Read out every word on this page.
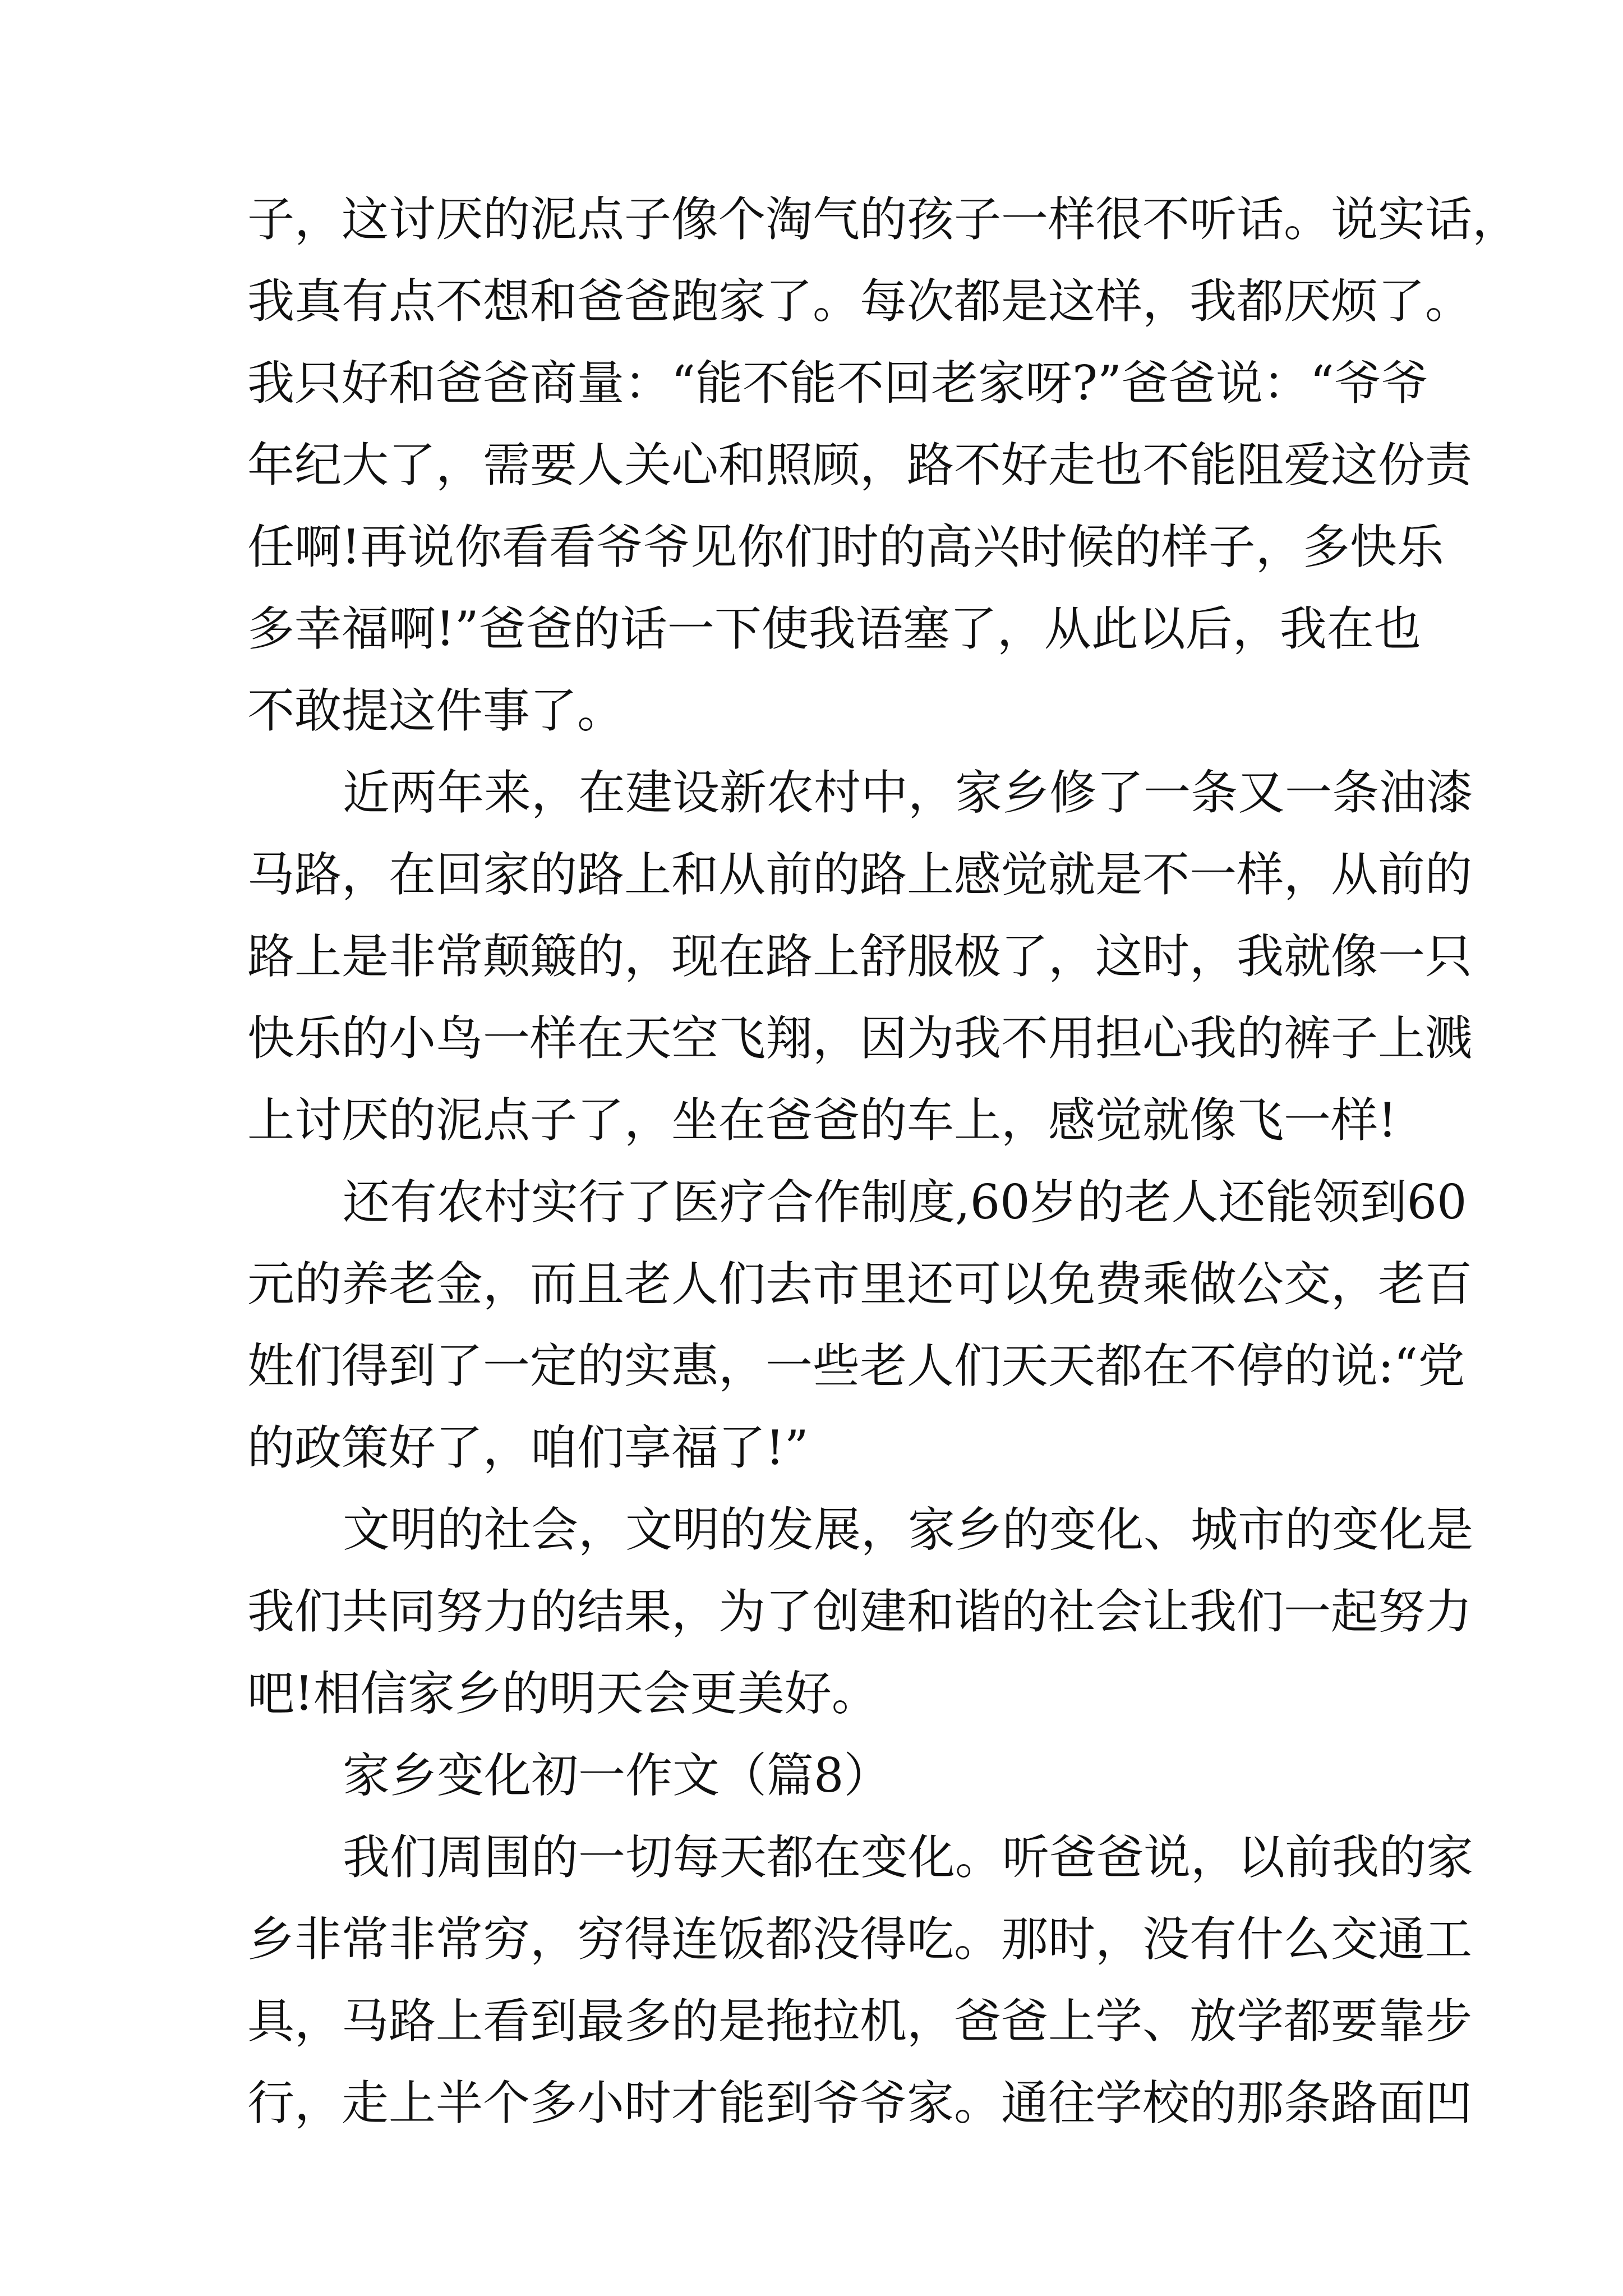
子，这讨厌的泥点子像个淘气的孩子一样很不听话。说实话，
我真有点不想和爸爸跑家了。每次都是这样，我都厌烦了。
我只好和爸爸商量：“能不能不回老家呀?”爸爸说：“爷爷
年纪大了，需要人关心和照顾，路不好走也不能阻爱这份责
任啊!再说你看看爷爷见你们时的高兴时候的样子，多快乐
多幸福啊!”爸爸的话一下使我语塞了，从此以后，我在也
不敢提这件事了。
近两年来，在建设新农村中，家乡修了一条又一条油漆
马路，在回家的路上和从前的路上感觉就是不一样，从前的
路上是非常颠簸的，现在路上舒服极了，这时，我就像一只
快乐的小鸟一样在天空飞翔，因为我不用担心我的裤子上溅
上讨厌的泥点子了，坐在爸爸的车上，感觉就像飞一样!
还有农村实行了医疗合作制度,60岁的老人还能领到60
元的养老金，而且老人们去市里还可以免费乘做公交，老百
姓们得到了一定的实惠，一些老人们天天都在不停的说:“党
的政策好了，咱们享福了!”
文明的社会，文明的发展，家乡的变化、城市的变化是
我们共同努力的结果，为了创建和谐的社会让我们一起努力
吧!相信家乡的明天会更美好。
家乡变化初一作文（篇8）
我们周围的一切每天都在变化。听爸爸说，以前我的家
乡非常非常穷，穷得连饭都没得吃。那时，没有什么交通工
具，马路上看到最多的是拖拉机，爸爸上学、放学都要靠步
行，走上半个多小时才能到爷爷家。通往学校的那条路面凹
